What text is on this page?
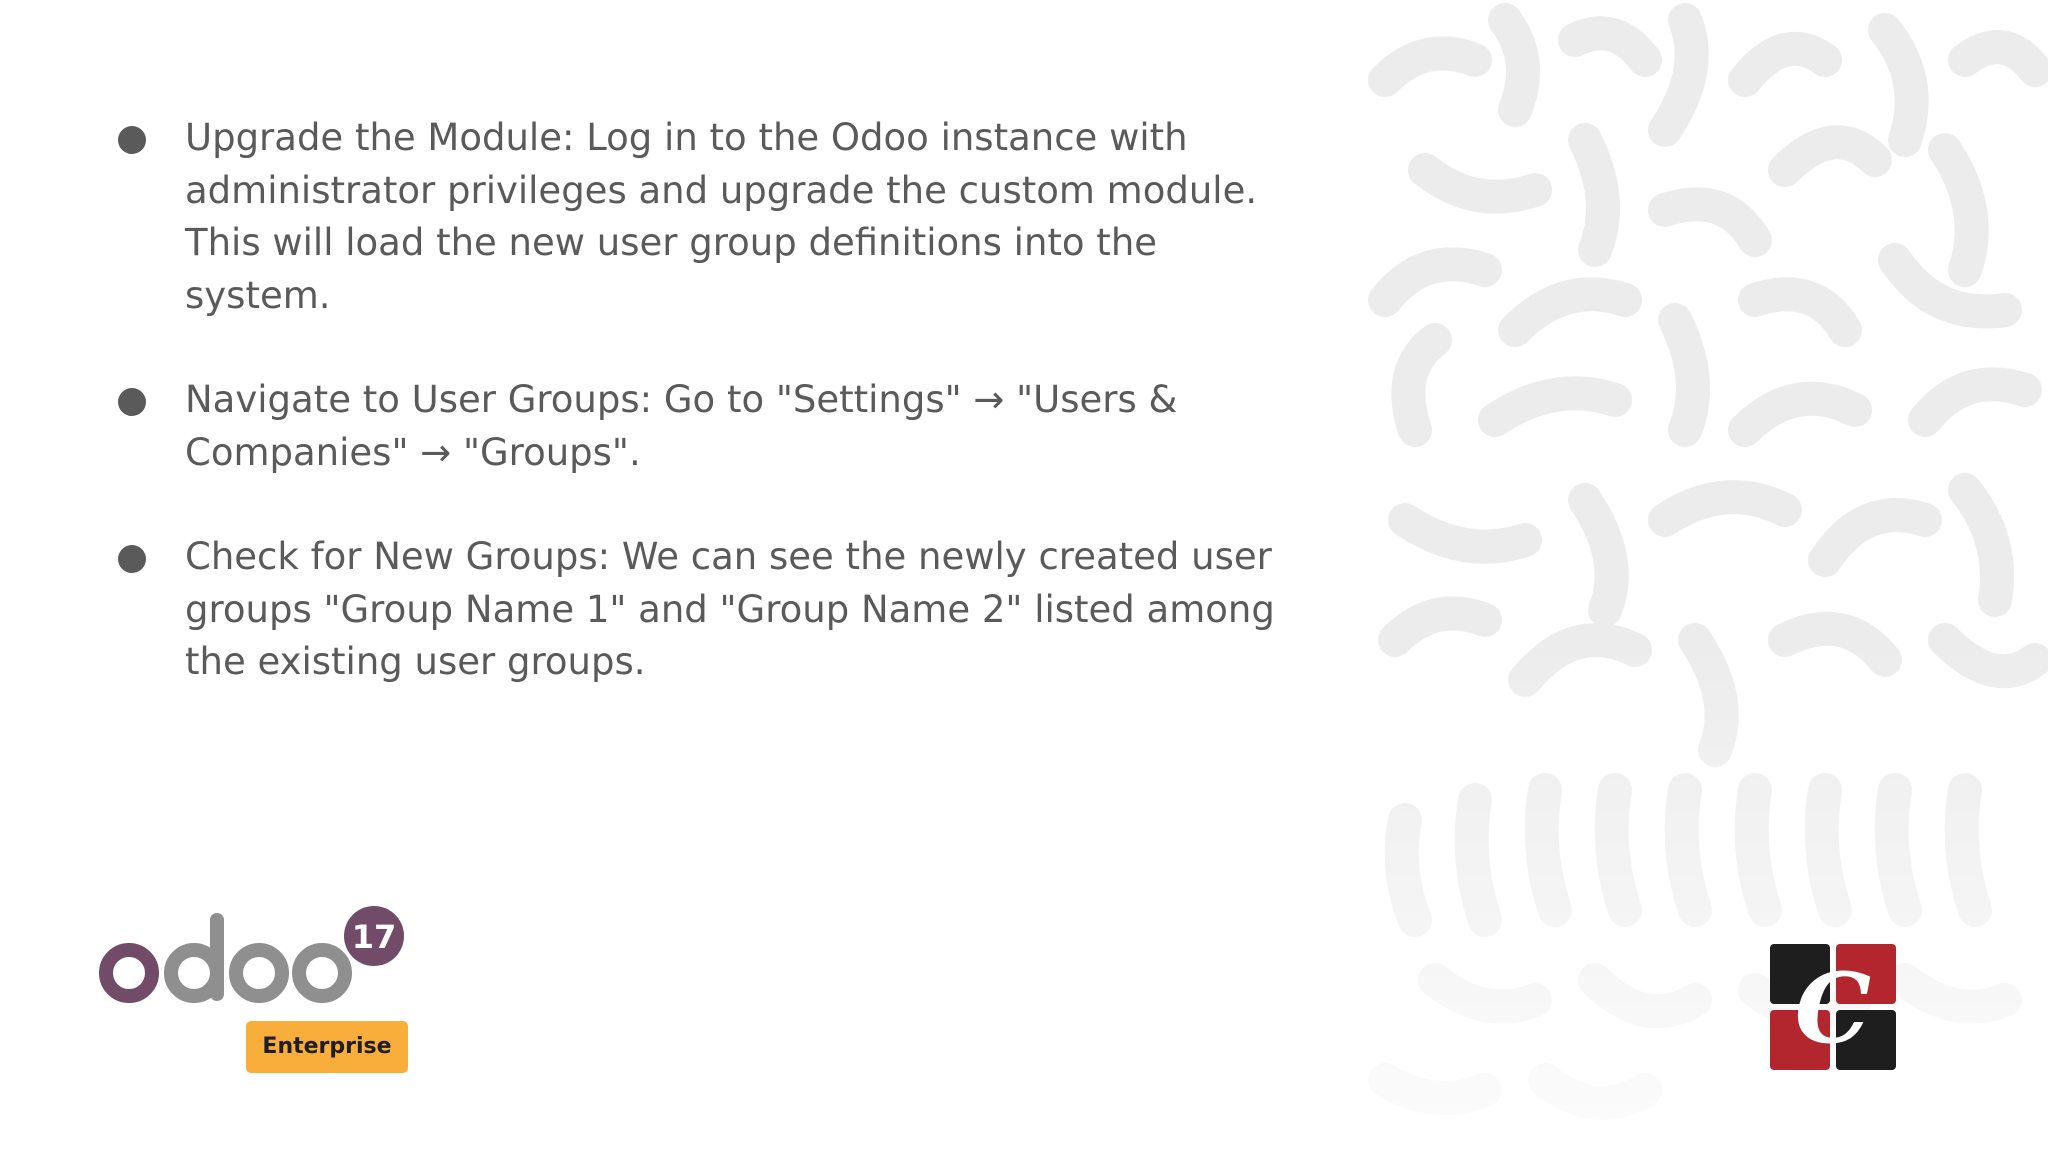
Upgrade the Module: Log in to the Odoo instance with administrator privileges and upgrade the custom module. This will load the new user group definitions into the system.
Navigate to User Groups: Go to "Settings" → "Users & Companies" → "Groups".
Check for New Groups: We can see the newly created user groups "Group Name 1" and "Group Name 2" listed among the existing user groups.
17
Enterprise	C
